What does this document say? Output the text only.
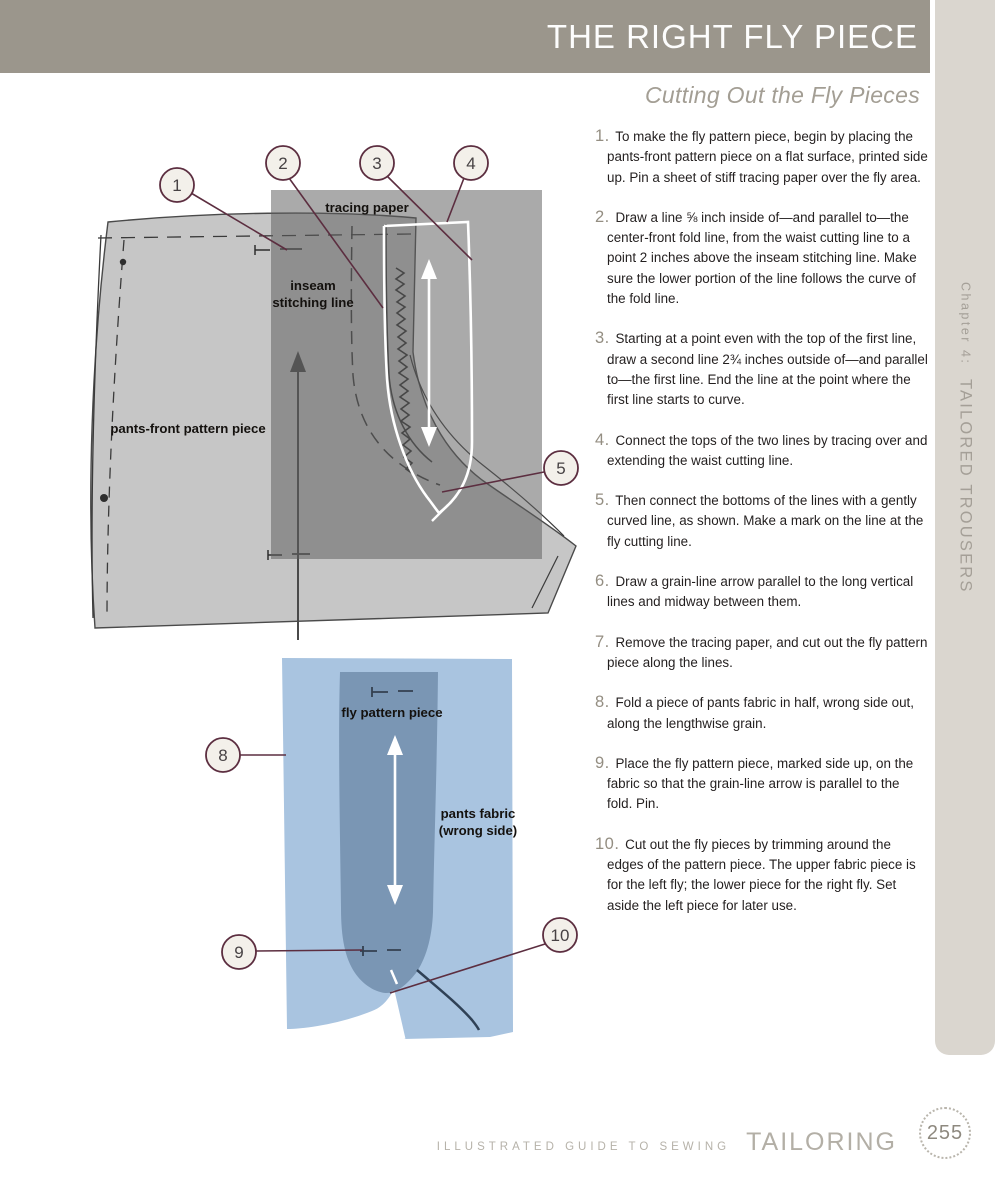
THE RIGHT FLY PIECE
Cutting Out the Fly Pieces
Chapter 4:TAILORED TROUSERS
tracing paper
inseam
stitching line
pants-front pattern piece
1
2	3	4
5
fly pattern piece
pants fabric
(wrong side)
8
9
10
1. To make the fly pattern piece, begin by placing the pants-front pattern piece on a flat surface, printed side up. Pin a sheet of stiff tracing paper over the fly area.
2. Draw a line ⅝ inch inside of—and parallel to—the center-front fold line, from the waist cutting line to a point 2 inches above the inseam stitching line. Make sure the lower portion of the line follows the curve of the fold line.
3. Starting at a point even with the top of the first line, draw a second line 2¾ inches outside of—and parallel to—the first line. End the line at the point where the first line starts to curve.
4. Connect the tops of the two lines by tracing over and extending the waist cutting line.
5. Then connect the bottoms of the lines with a gently curved line, as shown. Make a mark on the line at the fly cutting line.
6. Draw a grain-line arrow parallel to the long vertical lines and midway between them.
7. Remove the tracing paper, and cut out the fly pattern piece along the lines.
8. Fold a piece of pants fabric in half, wrong side out, along the lengthwise grain.
9. Place the fly pattern piece, marked side up, on the fabric so that the grain-line arrow is parallel to the fold. Pin.
10. Cut out the fly pieces by trimming around the edges of the pattern piece. The upper fabric piece is for the left fly; the lower piece for the right fly. Set aside the left piece for later use.
ILLUSTRATED GUIDE TO SEWING TAILORING 255
